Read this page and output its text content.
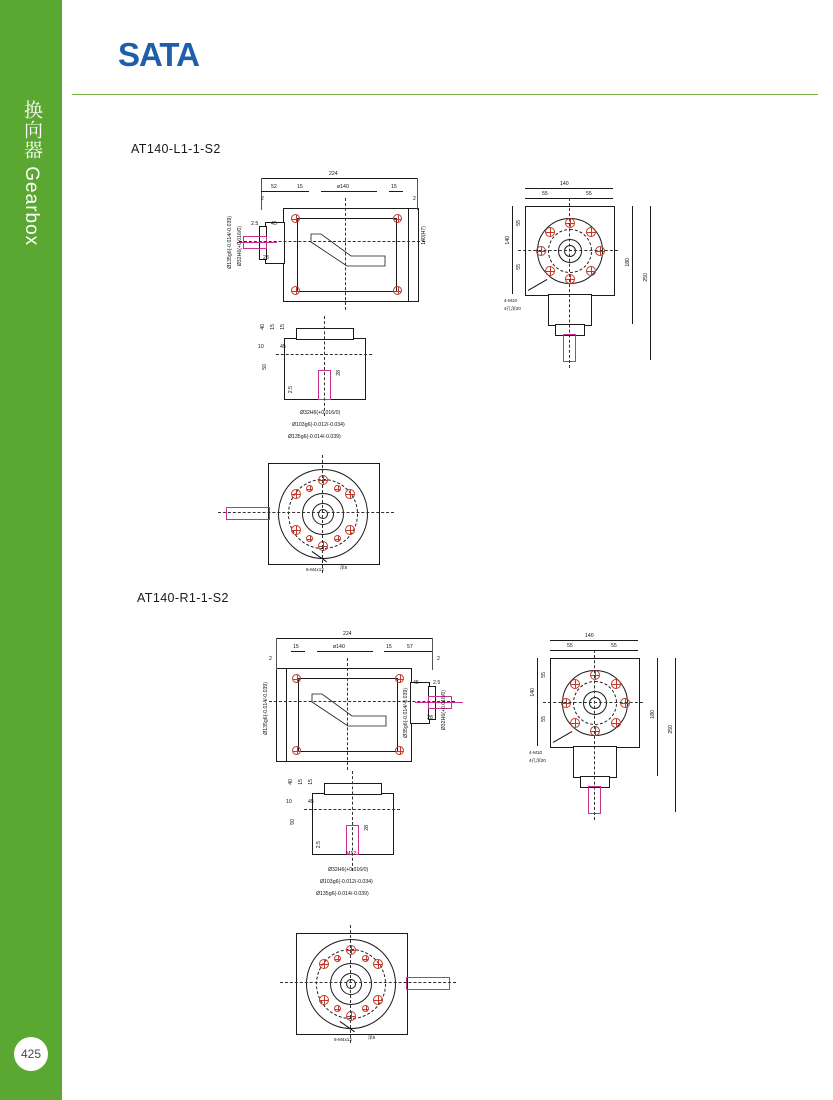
换向器 Gearbox
425
SATA
AT140-L1-1-S2
224
52	15	ø140	15
2	2
Ø135g6(-0.014/-0.039) Ø32H6(+0.016/0)	140(H7)
2.5 45
28
140
55	55
140
55
55
250
180
4-M10
4孔深20
40 15 15
10	45
50
2.5
28
Ø32H6(+0.016/0)
Ø103g6(-0.012/-0.034)
Ø135g6(-0.014/-0.039)
6-M4x12	深8
AT140-R1-1-S2
224
57
15
ø140
15
2	2
Ø135g6(-0.014/-0.039)	Ø35g6(-0.014/-0.039)	Ø32H6(+0.016/0)
45	2.5
28
140
55	55
140
55
55
250
180
4-M10
4孔深20
40 15 15
10	45
50
2.5
28
M12
Ø32H6(+0.016/0)
Ø103g6(-0.012/-0.034)
Ø135g6(-0.014/-0.039)
6-M4x12	深8
